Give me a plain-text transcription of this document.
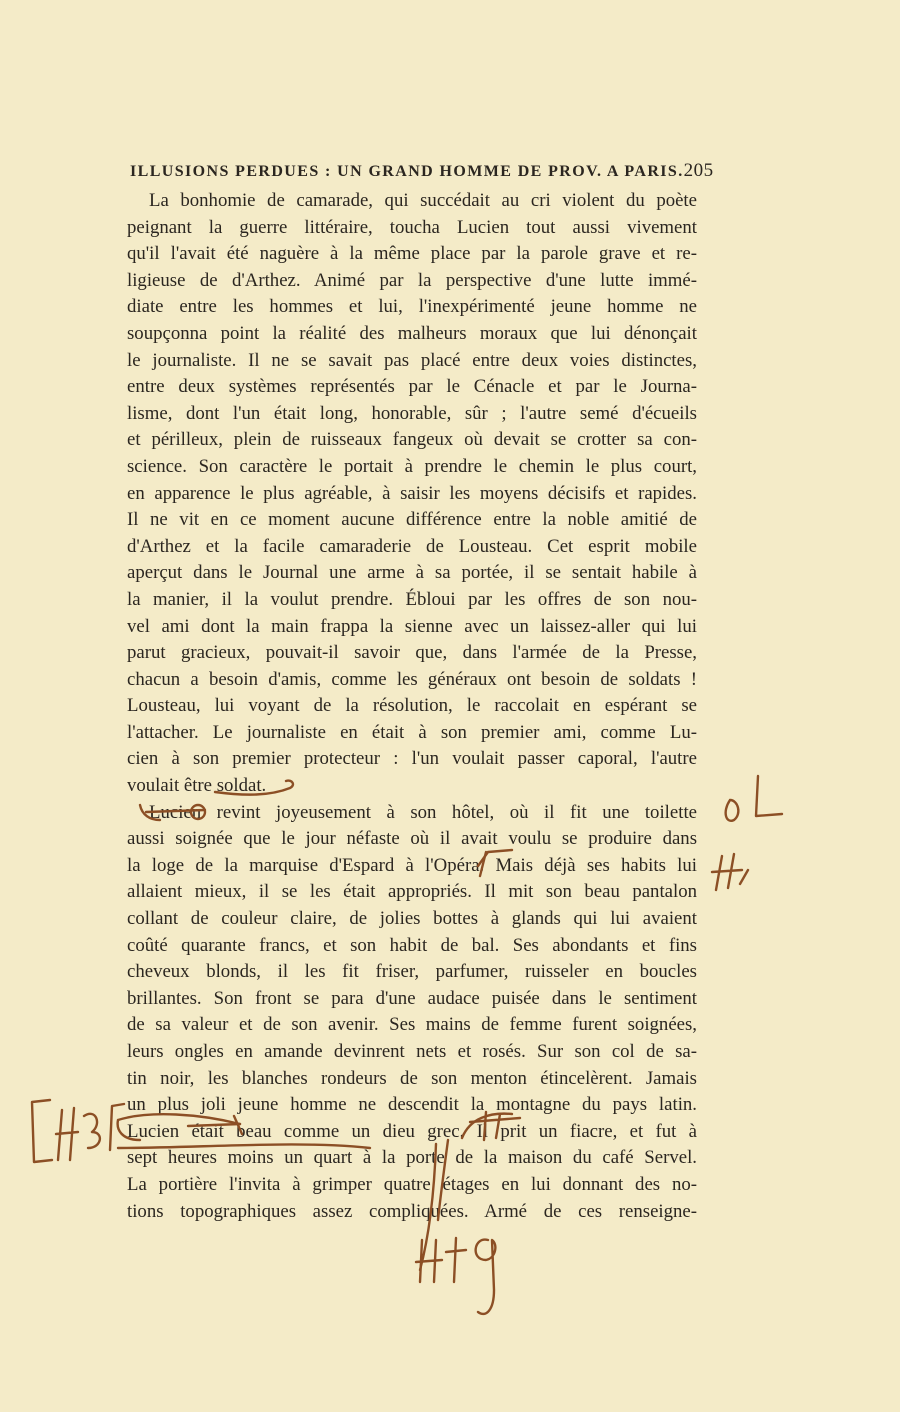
ILLUSIONS PERDUES : UN GRAND HOMME DE PROV. A PARIS. 205
La bonhomie de camarade, qui succédait au cri violent du poète
peignant la guerre littéraire, toucha Lucien tout aussi vivement
qu'il l'avait été naguère à la même place par la parole grave et re-
ligieuse de d'Arthez. Animé par la perspective d'une lutte immé-
diate entre les hommes et lui, l'inexpérimenté jeune homme ne
soupçonna point la réalité des malheurs moraux que lui dénonçait
le journaliste. Il ne se savait pas placé entre deux voies distinctes,
entre deux systèmes représentés par le Cénacle et par le Journa-
lisme, dont l'un était long, honorable, sûr ; l'autre semé d'écueils
et périlleux, plein de ruisseaux fangeux où devait se crotter sa con-
science. Son caractère le portait à prendre le chemin le plus court,
en apparence le plus agréable, à saisir les moyens décisifs et rapides.
Il ne vit en ce moment aucune différence entre la noble amitié de
d'Arthez et la facile camaraderie de Lousteau. Cet esprit mobile
aperçut dans le Journal une arme à sa portée, il se sentait habile à
la manier, il la voulut prendre. Ébloui par les offres de son nou-
vel ami dont la main frappa la sienne avec un laissez-aller qui lui
parut gracieux, pouvait-il savoir que, dans l'armée de la Presse,
chacun a besoin d'amis, comme les généraux ont besoin de soldats !
Lousteau, lui voyant de la résolution, le raccolait en espérant se
l'attacher. Le journaliste en était à son premier ami, comme Lu-
cien à son premier protecteur : l'un voulait passer caporal, l'autre
voulait être soldat.
Lucien revint joyeusement à son hôtel, où il fit une toilette
aussi soignée que le jour néfaste où il avait voulu se produire dans
la loge de la marquise d'Espard à l'Opéra. Mais déjà ses habits lui
allaient mieux, il se les était appropriés. Il mit son beau pantalon
collant de couleur claire, de jolies bottes à glands qui lui avaient
coûté quarante francs, et son habit de bal. Ses abondants et fins
cheveux blonds, il les fit friser, parfumer, ruisseler en boucles
brillantes. Son front se para d'une audace puisée dans le sentiment
de sa valeur et de son avenir. Ses mains de femme furent soignées,
leurs ongles en amande devinrent nets et rosés. Sur son col de sa-
tin noir, les blanches rondeurs de son menton étincelèrent. Jamais
un plus joli jeune homme ne descendit la montagne du pays latin.
Lucien était beau comme un dieu grec. Il prit un fiacre, et fut à
sept heures moins un quart à la porte de la maison du café Servel.
La portière l'invita à grimper quatre étages en lui donnant des no-
tions topographiques assez compliquées. Armé de ces renseigne-
